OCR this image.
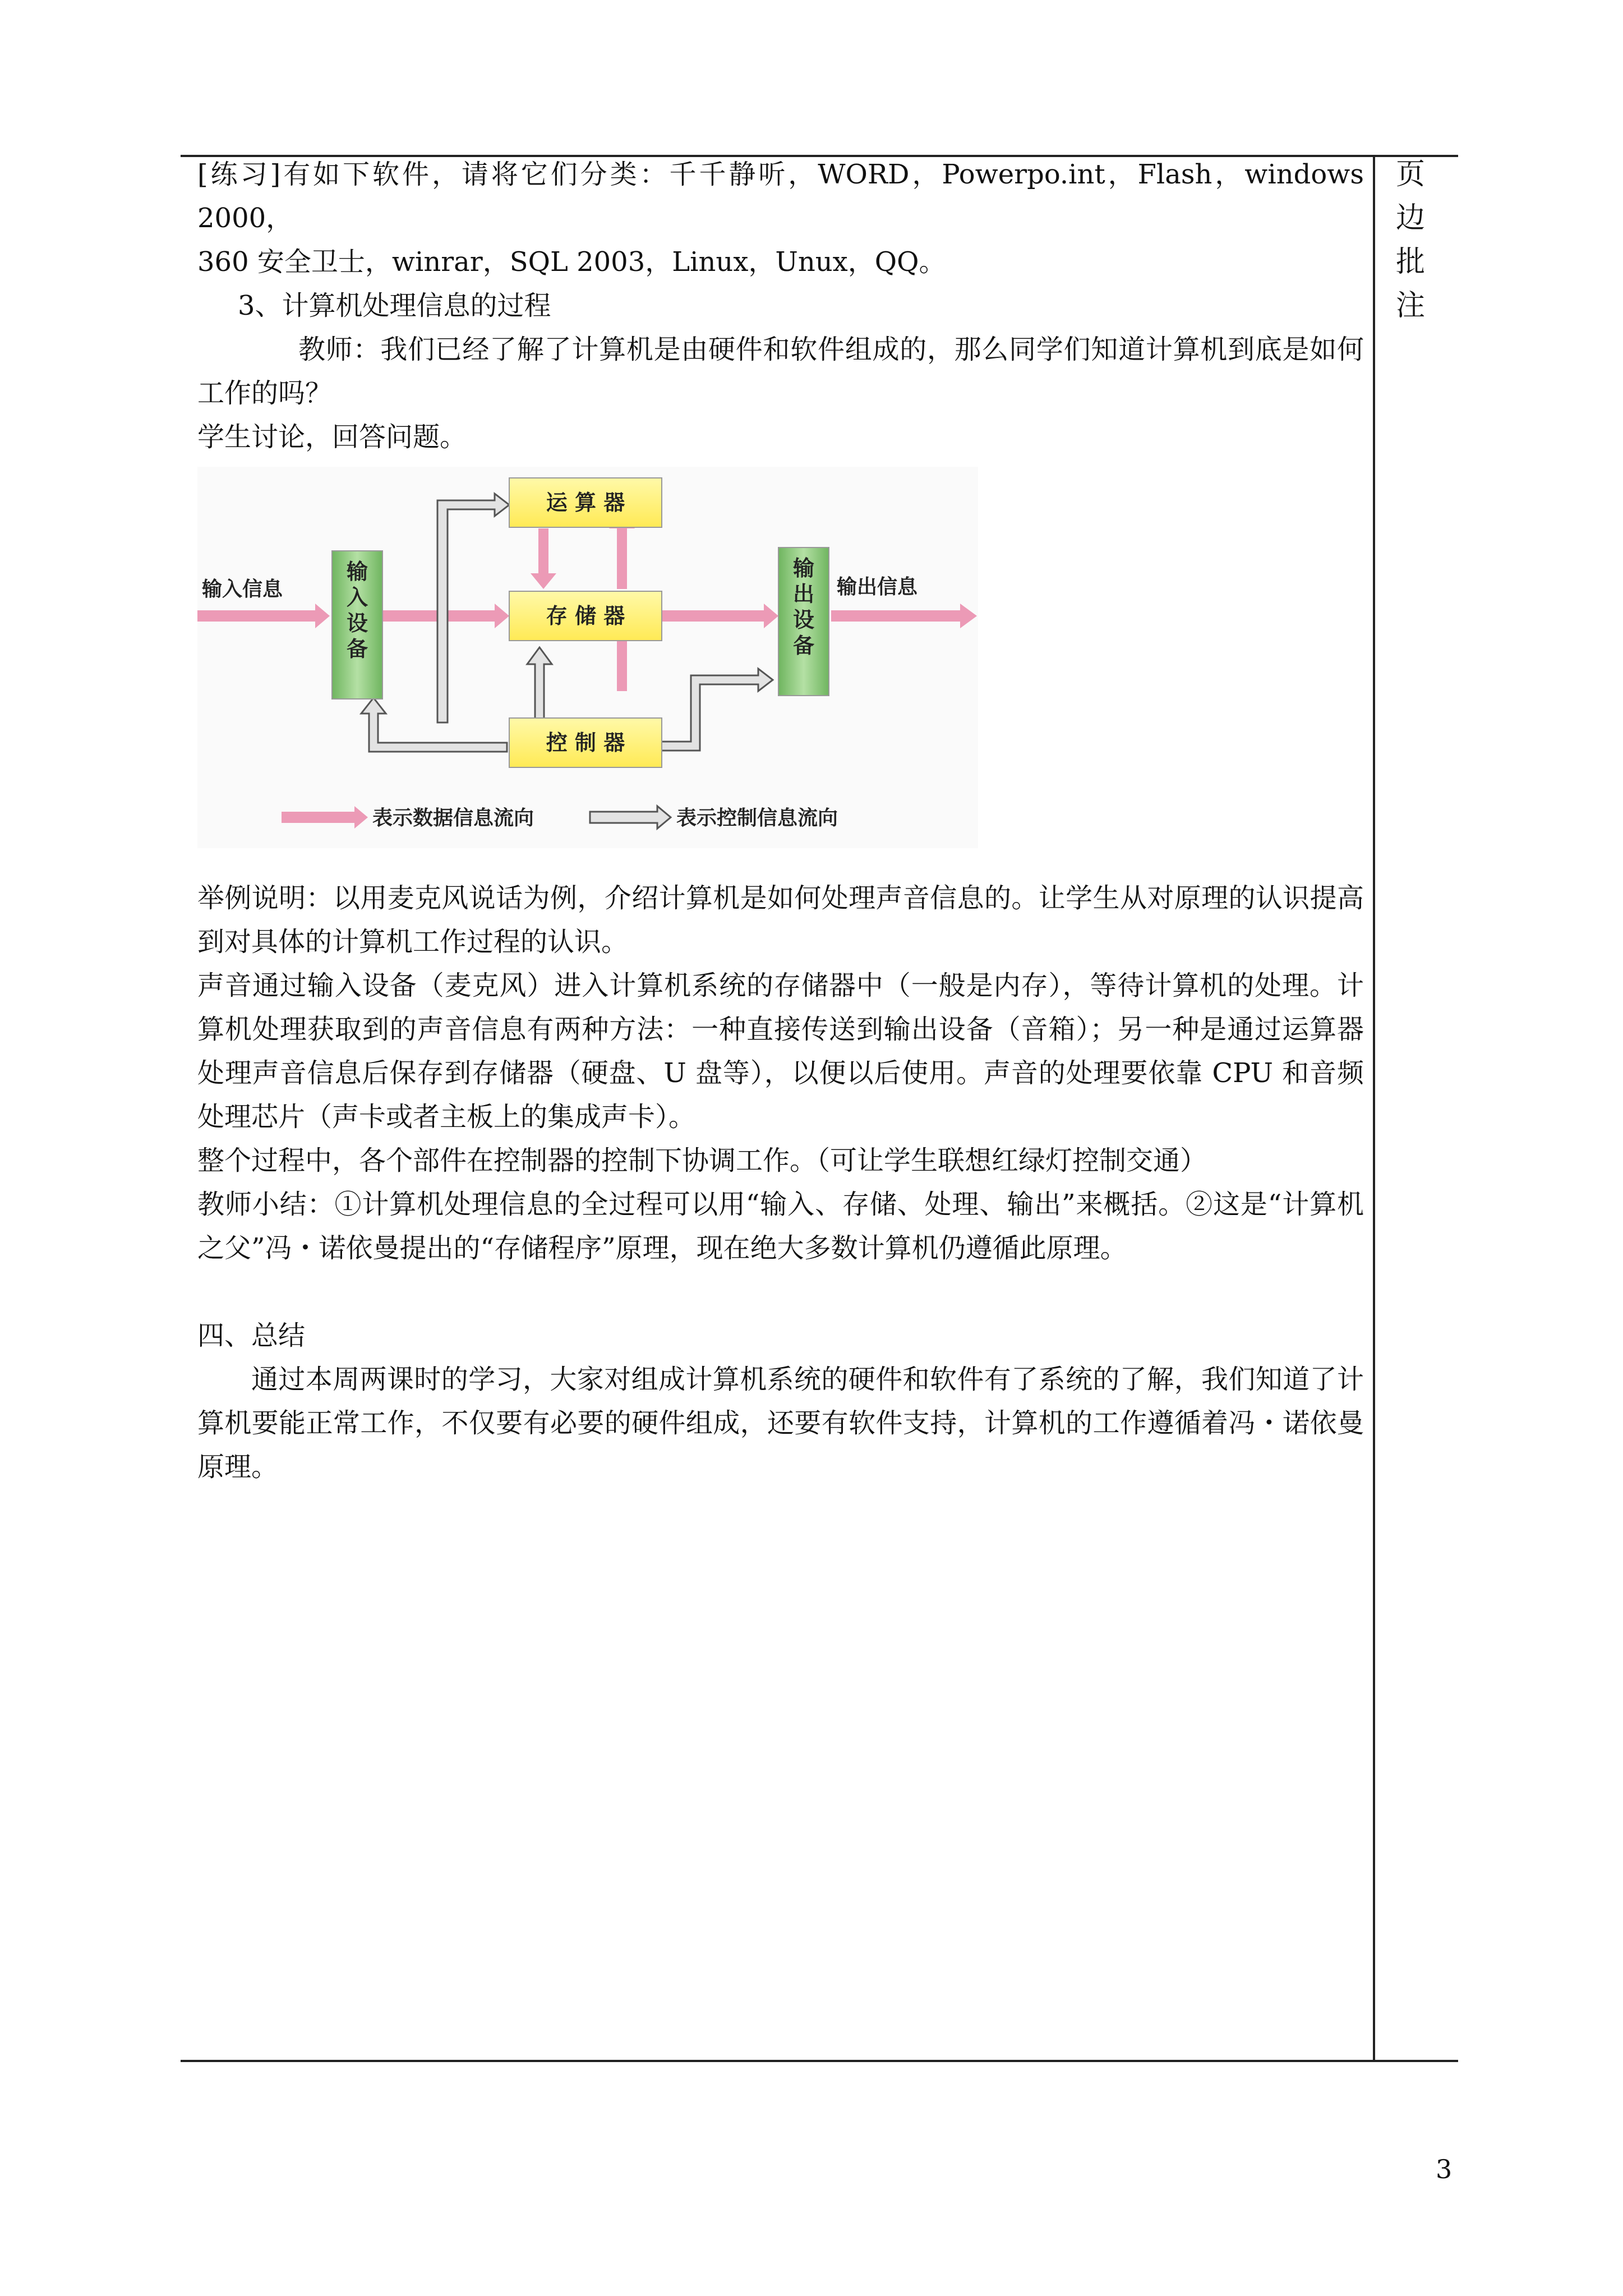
[练习]有如下软件，请将它们分类：千千静听，WORD，Powerpo.int，Flash，windows 2000，

360 安全卫士，winrar，SQL 2003，Linux，Unux，QQ。

3、计算机处理信息的过程

教师：我们已经了解了计算机是由硬件和软件组成的，那么同学们知道计算机到底是如何工作的吗？

学生讨论，回答问题。

运 算 器
存 储 器
控 制 器
输
入
设
备
输
出
设
备
输入信息	输出信息
表示数据信息流向	表示控制信息流向

举例说明：以用麦克风说话为例，介绍计算机是如何处理声音信息的。让学生从对原理的认识提高到对具体的计算机工作过程的认识。

声音通过输入设备（麦克风）进入计算机系统的存储器中（一般是内存），等待计算机的处理。计算机处理获取到的声音信息有两种方法：一种直接传送到输出设备（音箱）；另一种是通过运算器处理声音信息后保存到存储器（硬盘、U 盘等），以便以后使用。声音的处理要依靠 CPU 和音频处理芯片（声卡或者主板上的集成声卡）。

整个过程中，各个部件在控制器的控制下协调工作。（可让学生联想红绿灯控制交通）

教师小结：①计算机处理信息的全过程可以用“输入、存储、处理、输出”来概括。②这是“计算机之父”冯・诺依曼提出的“存储程序”原理，现在绝大多数计算机仍遵循此原理。

四、总结

通过本周两课时的学习，大家对组成计算机系统的硬件和软件有了系统的了解，我们知道了计算机要能正常工作，不仅要有必要的硬件组成，还要有软件支持，计算机的工作遵循着冯・诺依曼原理。

页
边
批
注
3
